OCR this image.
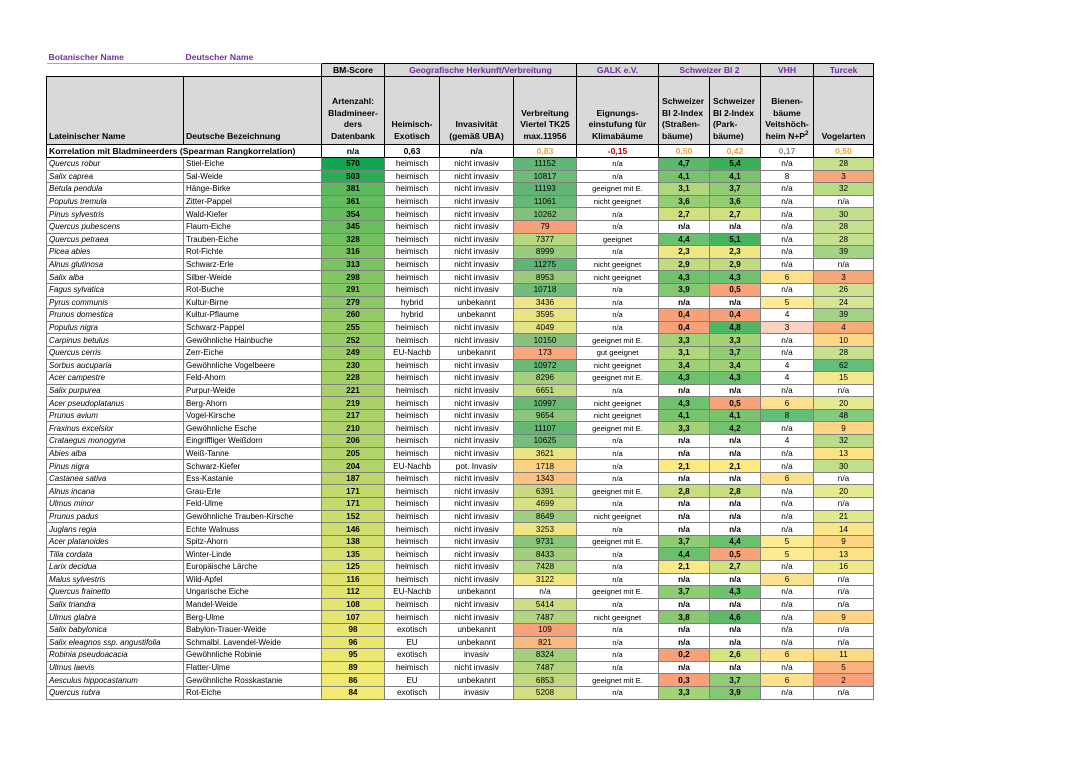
Botanischer Name	Deutscher Name									
		BM-Score	Geografische Herkunft/Verbreitung			GALK e.V.	Schweizer BI 2		VHH	Turcek
Lateinischer Name	Deutsche Bezeichnung	Artenzahl: Bladmineer-ders Datenbank	Heimisch-Exotisch	Invasivität (gemäß UBA)	Verbreitung Viertel TK25 max.11956	Eignungs-einstufung für Klimabäume	Schweizer BI 2-Index (Straßen-bäume)	Schweizer BI 2-Index (Park-bäume)	Bienen-bäume Veitshöch-heim $N+P^2$	Vogelarten
Korrelation mit Bladmineerders (Spearman Rangkorrelation)		n/a	0,63	n/a	0,83	-0,15	0,50	0,42	0,17	0,50
Quercus robur	Stiel-Eiche	570	heimisch	nicht invasiv	11152	n/a	4,7	5,4	n/a	28
Salix caprea	Sal-Weide	503	heimisch	nicht invasiv	10817	n/a	4,1	4,1	8	3
Betula pendula	Hänge-Birke	381	heimisch	nicht invasiv	11193	geeignet mit E.	3,1	3,7	n/a	32
Populus tremula	Zitter-Pappel	361	heimisch	nicht invasiv	11061	nicht geeignet	3,6	3,6	n/a	n/a
Pinus sylvestris	Wald-Kiefer	354	heimisch	nicht invasiv	10262	n/a	2,7	2,7	n/a	30
Quercus pubescens	Flaum-Eiche	345	heimisch	nicht invasiv	79	n/a	n/a	n/a	n/a	28
Quercus petraea	Trauben-Eiche	328	heimisch	nicht invasiv	7377	geeignet	4,4	5,1	n/a	28
Picea abies	Rot-Fichte	316	heimisch	nicht invasiv	8999	n/a	2,3	2,3	n/a	39
Alnus glutinosa	Schwarz-Erle	313	heimisch	nicht invasiv	11275	nicht geeignet	2,9	2,9	n/a	n/a
Salix alba	Silber-Weide	298	heimisch	nicht invasiv	8953	nicht geeignet	4,3	4,3	6	3
Fagus sylvatica	Rot-Buche	291	heimisch	nicht invasiv	10718	n/a	3,9	0,5	n/a	26
Pyrus communis	Kultur-Birne	279	hybrid	unbekannt	3436	n/a	n/a	n/a	5	24
Prunus domestica	Kultur-Pflaume	260	hybrid	unbekannt	3595	n/a	0,4	0,4	4	39
Populus nigra	Schwarz-Pappel	255	heimisch	nicht invasiv	4049	n/a	0,4	4,8	3	4
Carpinus betulus	Gewöhnliche Hainbuche	252	heimisch	nicht invasiv	10150	geeignet mit E.	3,3	3,3	n/a	10
Quercus cerris	Zerr-Eiche	249	EU-Nachb	unbekannt	173	gut geeignet	3,1	3,7	n/a	28
Sorbus aucuparia	Gewöhnliche Vogelbeere	230	heimisch	nicht invasiv	10972	nicht geeignet	3,4	3,4	4	62
Acer campestre	Feld-Ahorn	228	heimisch	nicht invasiv	8296	geeignet mit E.	4,3	4,3	4	15
Salix purpurea	Purpur-Weide	221	heimisch	nicht invasiv	6651	n/a	n/a	n/a	n/a	n/a
Acer pseudoplatanus	Berg-Ahorn	219	heimisch	nicht invasiv	10997	nicht geeignet	4,3	0,5	6	20
Prunus avium	Vogel-Kirsche	217	heimisch	nicht invasiv	9654	nicht geeignet	4,1	4,1	8	48
Fraxinus excelsior	Gewöhnliche Esche	210	heimisch	nicht invasiv	11107	geeignet mit E.	3,3	4,2	n/a	9
Crataegus monogyna	Eingriffliger Weißdorn	206	heimisch	nicht invasiv	10625	n/a	n/a	n/a	4	32
Abies alba	Weiß-Tanne	205	heimisch	nicht invasiv	3621	n/a	n/a	n/a	n/a	13
Pinus nigra	Schwarz-Kiefer	204	EU-Nachb	pot. Invasiv	1718	n/a	2,1	2,1	n/a	30
Castanea sativa	Ess-Kastanie	187	heimisch	nicht invasiv	1343	n/a	n/a	n/a	6	n/a
Alnus incana	Grau-Erle	171	heimisch	nicht invasiv	6391	geeignet mit E.	2,8	2,8	n/a	20
Ulmus minor	Feld-Ulme	171	heimisch	nicht invasiv	4699	n/a	n/a	n/a	n/a	n/a
Prunus padus	Gewöhnliche Trauben-Kirsche	152	heimisch	nicht invasiv	8649	nicht geeignet	n/a	n/a	n/a	21
Juglans regia	Echte Walnuss	146	heimisch	nicht invasiv	3253	n/a	n/a	n/a	n/a	14
Acer platanoides	Spitz-Ahorn	138	heimisch	nicht invasiv	9731	geeignet mit E.	3,7	4,4	5	9
Tilia cordata	Winter-Linde	135	heimisch	nicht invasiv	8433	n/a	4,4	0,5	5	13
Larix decidua	Europäische Lärche	125	heimisch	nicht invasiv	7428	n/a	2,1	2,7	n/a	16
Malus sylvestris	Wild-Apfel	116	heimisch	nicht invasiv	3122	n/a	n/a	n/a	6	n/a
Quercus frainetto	Ungarische Eiche	112	EU-Nachb	unbekannt	n/a	geeignet mit E.	3,7	4,3	n/a	n/a
Salix triandra	Mandel-Weide	108	heimisch	nicht invasiv	5414	n/a	n/a	n/a	n/a	n/a
Ulmus glabra	Berg-Ulme	107	heimisch	nicht invasiv	7487	nicht geeignet	3,8	4,6	n/a	9
Salix babylonica	Babylon-Trauer-Weide	98	exotisch	unbekannt	109	n/a	n/a	n/a	n/a	n/a
Salix eleagnos ssp. angustifolia	Schmalbl. Lavendel-Weide	96	EU	unbekannt	821	n/a	n/a	n/a	n/a	n/a
Robinia pseudoacacia	Gewöhnliche Robinie	95	exotisch	invasiv	8324	n/a	0,2	2,6	6	11
Ulmus laevis	Flatter-Ulme	89	heimisch	nicht invasiv	7487	n/a	n/a	n/a	n/a	5
Aesculus hippocastanum	Gewöhnliche Rosskastanie	86	EU	unbekannt	6853	geeignet mit E.	0,3	3,7	6	2
Quercus rubra	Rot-Eiche	84	exotisch	invasiv	5208	n/a	3,3	3,9	n/a	n/a
